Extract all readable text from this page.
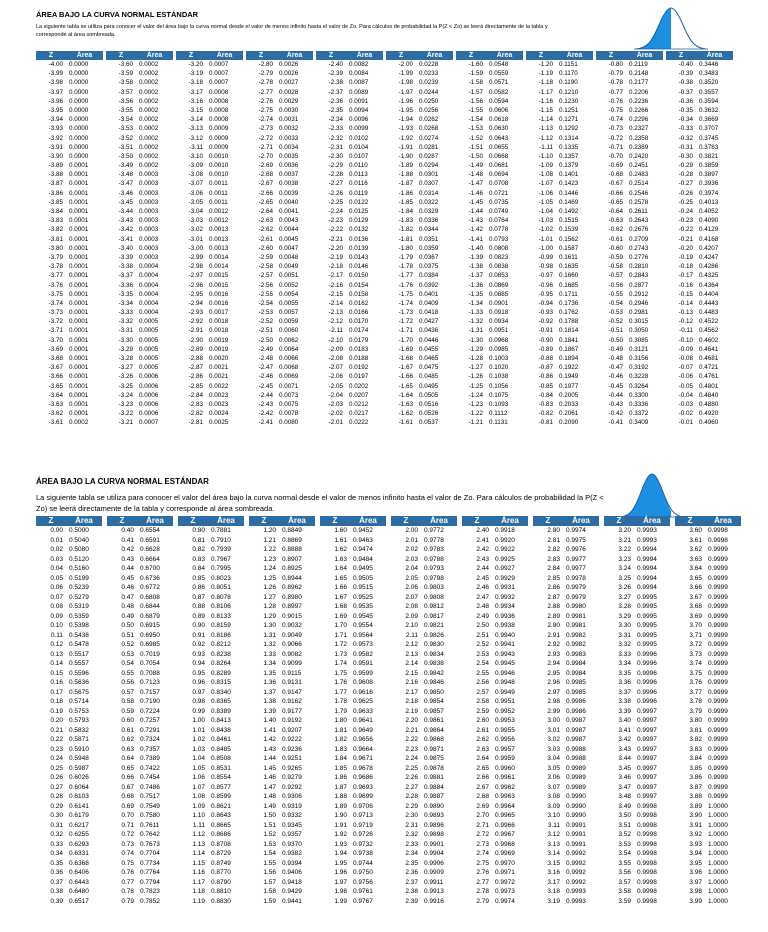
ÁREA BAJO LA CURVA NORMAL ESTÁNDAR
La siguiente tabla se utiliza para conocer el valor del área bajo la curva normal desde el valor de menos infinito hasta el valor de Zo. Para cálculos de probabilidad la P(Z < Zo) se leerá directamente de la tabla y corresponde al área sombreada.
Z	Área
-4.00 0.0000
-3.99 0.0000
-3.98 0.0000
-3.97 0.0000
-3.96 0.0000
-3.95 0.0000
-3.94 0.0000
-3.93 0.0000
-3.92 0.0000
-3.91 0.0000
-3.90 0.0000
-3.89 0.0001
-3.88 0.0001
-3.87 0.0001
-3.86 0.0001
-3.85 0.0001
-3.84 0.0001
-3.83 0.0001
-3.82 0.0001
-3.81 0.0001
-3.80 0.0001
-3.79 0.0001
-3.78 0.0001
-3.77 0.0001
-3.76 0.0001
-3.75 0.0001
-3.74 0.0001
-3.73 0.0001
-3.72 0.0001
-3.71 0.0001
-3.70 0.0001
-3.69 0.0001
-3.68 0.0001
-3.67 0.0001
-3.66 0.0001
-3.65 0.0001
-3.64 0.0001
-3.63 0.0001
-3.62 0.0001
-3.61 0.0002
Z	Área
-3.60 0.0002
-3.59 0.0002
-3.58 0.0002
-3.57 0.0002
-3.56 0.0002
-3.55 0.0002
-3.54 0.0002
-3.53 0.0002
-3.52 0.0002
-3.51 0.0002
-3.50 0.0002
-3.49 0.0002
-3.48 0.0003
-3.47 0.0003
-3.46 0.0003
-3.45 0.0003
-3.44 0.0003
-3.43 0.0003
-3.42 0.0003
-3.41 0.0003
-3.40 0.0003
-3.39 0.0003
-3.38 0.0004
-3.37 0.0004
-3.36 0.0004
-3.35 0.0004
-3.34 0.0004
-3.33 0.0004
-3.32 0.0005
-3.31 0.0005
-3.30 0.0005
-3.29 0.0005
-3.28 0.0005
-3.27 0.0005
-3.26 0.0006
-3.25 0.0006
-3.24 0.0006
-3.23 0.0006
-3.22 0.0006
-3.21 0.0007
Z	Área
-3.20 0.0007
-3.19 0.0007
-3.18 0.0007
-3.17 0.0008
-3.16 0.0008
-3.15 0.0008
-3.14 0.0008
-3.13 0.0009
-3.12 0.0009
-3.11 0.0009
-3.10 0.0010
-3.09 0.0010
-3.08 0.0010
-3.07 0.0011
-3.06 0.0011
-3.05 0.0011
-3.04 0.0012
-3.03 0.0012
-3.02 0.0013
-3.01 0.0013
-3.00 0.0013
-2.99 0.0014
-2.98 0.0014
-2.97 0.0015
-2.96 0.0015
-2.95 0.0016
-2.94 0.0016
-2.93 0.0017
-2.92 0.0018
-2.91 0.0018
-2.90 0.0019
-2.89 0.0019
-2.88 0.0020
-2.87 0.0021
-2.86 0.0021
-2.85 0.0022
-2.84 0.0023
-2.83 0.0023
-2.82 0.0024
-2.81 0.0025
Z	Área
-2.80 0.0026
-2.79 0.0026
-2.78 0.0027
-2.77 0.0028
-2.76 0.0029
-2.75 0.0030
-2.74 0.0031
-2.73 0.0032
-2.72 0.0033
-2.71 0.0034
-2.70 0.0035
-2.69 0.0036
-2.68 0.0037
-2.67 0.0038
-2.66 0.0039
-2.65 0.0040
-2.64 0.0041
-2.63 0.0043
-2.62 0.0044
-2.61 0.0045
-2.60 0.0047
-2.59 0.0048
-2.58 0.0049
-2.57 0.0051
-2.56 0.0052
-2.55 0.0054
-2.54 0.0055
-2.53 0.0057
-2.52 0.0059
-2.51 0.0060
-2.50 0.0062
-2.49 0.0064
-2.48 0.0066
-2.47 0.0068
-2.46 0.0069
-2.45 0.0071
-2.44 0.0073
-2.43 0.0075
-2.42 0.0078
-2.41 0.0080
Z	Área
-2.40 0.0082
-2.39 0.0084
-2.38 0.0087
-2.37 0.0089
-2.36 0.0091
-2.35 0.0094
-2.34 0.0096
-2.33 0.0099
-2.32 0.0102
-2.31 0.0104
-2.30 0.0107
-2.29 0.0110
-2.28 0.0113
-2.27 0.0116
-2.26 0.0119
-2.25 0.0122
-2.24 0.0125
-2.23 0.0129
-2.22 0.0132
-2.21 0.0136
-2.20 0.0139
-2.19 0.0143
-2.18 0.0146
-2.17 0.0150
-2.16 0.0154
-2.15 0.0158
-2.14 0.0162
-2.13 0.0166
-2.12 0.0170
-2.11 0.0174
-2.10 0.0179
-2.09 0.0183
-2.08 0.0188
-2.07 0.0192
-2.06 0.0197
-2.05 0.0202
-2.04 0.0207
-2.03 0.0212
-2.02 0.0217
-2.01 0.0222
Z	Área
-2.00 0.0228
-1.99 0.0233
-1.98 0.0239
-1.97 0.0244
-1.96 0.0250
-1.95 0.0256
-1.94 0.0262
-1.93 0.0268
-1.92 0.0274
-1.91 0.0281
-1.90 0.0287
-1.89 0.0294
-1.88 0.0301
-1.87 0.0307
-1.86 0.0314
-1.85 0.0322
-1.84 0.0329
-1.83 0.0336
-1.82 0.0344
-1.81 0.0351
-1.80 0.0359
-1.79 0.0367
-1.78 0.0375
-1.77 0.0384
-1.76 0.0392
-1.75 0.0401
-1.74 0.0409
-1.73 0.0418
-1.72 0.0427
-1.71 0.0436
-1.70 0.0446
-1.69 0.0455
-1.68 0.0465
-1.67 0.0475
-1.66 0.0485
-1.65 0.0495
-1.64 0.0505
-1.63 0.0516
-1.62 0.0526
-1.61 0.0537
Z	Área
-1.60 0.0548
-1.59 0.0559
-1.58 0.0571
-1.57 0.0582
-1.56 0.0594
-1.55 0.0606
-1.54 0.0618
-1.53 0.0630
-1.52 0.0643
-1.51 0.0655
-1.50 0.0668
-1.49 0.0681
-1.48 0.0694
-1.47 0.0708
-1.46 0.0721
-1.45 0.0735
-1.44 0.0749
-1.43 0.0764
-1.42 0.0778
-1.41 0.0793
-1.40 0.0808
-1.39 0.0823
-1.38 0.0838
-1.37 0.0853
-1.36 0.0869
-1.35 0.0885
-1.34 0.0901
-1.33 0.0918
-1.32 0.0934
-1.31 0.0951
-1.30 0.0968
-1.29 0.0985
-1.28 0.1003
-1.27 0.1020
-1.26 0.1038
-1.25 0.1056
-1.24 0.1075
-1.23 0.1093
-1.22 0.1112
-1.21 0.1131
Z	Área
-1.20 0.1151
-1.19 0.1170
-1.18 0.1190
-1.17 0.1210
-1.16 0.1230
-1.15 0.1251
-1.14 0.1271
-1.13 0.1292
-1.12 0.1314
-1.11 0.1335
-1.10 0.1357
-1.09 0.1379
-1.08 0.1401
-1.07 0.1423
-1.06 0.1446
-1.05 0.1469
-1.04 0.1492
-1.03 0.1515
-1.02 0.1539
-1.01 0.1562
-1.00 0.1587
-0.99 0.1611
-0.98 0.1635
-0.97 0.1660
-0.96 0.1685
-0.95 0.1711
-0.94 0.1736
-0.93 0.1762
-0.92 0.1788
-0.91 0.1814
-0.90 0.1841
-0.89 0.1867
-0.88 0.1894
-0.87 0.1922
-0.86 0.1949
-0.85 0.1977
-0.84 0.2005
-0.83 0.2033
-0.82 0.2061
-0.81 0.2090
Z	Área
-0.80 0.2119
-0.79 0.2148
-0.78 0.2177
-0.77 0.2206
-0.76 0.2236
-0.75 0.2266
-0.74 0.2296
-0.73 0.2327
-0.72 0.2358
-0.71 0.2389
-0.70 0.2420
-0.69 0.2451
-0.68 0.2483
-0.67 0.2514
-0.66 0.2546
-0.65 0.2578
-0.64 0.2611
-0.63 0.2643
-0.62 0.2676
-0.61 0.2709
-0.60 0.2743
-0.59 0.2776
-0.58 0.2810
-0.57 0.2843
-0.56 0.2877
-0.55 0.2912
-0.54 0.2946
-0.53 0.2981
-0.52 0.3015
-0.51 0.3050
-0.50 0.3085
-0.49 0.3121
-0.48 0.3156
-0.47 0.3192
-0.46 0.3228
-0.45 0.3264
-0.44 0.3300
-0.43 0.3336
-0.42 0.3372
-0.41 0.3409
Z	Área
-0.40 0.3446
-0.39 0.3483
-0.38 0.3520
-0.37 0.3557
-0.36 0.3594
-0.35 0.3632
-0.34 0.3669
-0.33 0.3707
-0.32 0.3745
-0.31 0.3783
-0.30 0.3821
-0.29 0.3859
-0.28 0.3897
-0.27 0.3936
-0.26 0.3974
-0.25 0.4013
-0.24 0.4052
-0.23 0.4090
-0.22 0.4129
-0.21 0.4168
-0.20 0.4207
-0.19 0.4247
-0.18 0.4286
-0.17 0.4325
-0.16 0.4364
-0.15 0.4404
-0.14 0.4443
-0.13 0.4483
-0.12 0.4522
-0.11 0.4562
-0.10 0.4602
-0.09 0.4641
-0.08 0.4681
-0.07 0.4721
-0.06 0.4761
-0.05 0.4801
-0.04 0.4840
-0.03 0.4880
-0.02 0.4920
-0.01 0.4960
ÁREA BAJO LA CURVA NORMAL ESTÁNDAR
La siguiente tabla se utiliza para conocer el valor del área bajo la curva normal desde el valor de menos infinito hasta el valor de Zo. Para cálculos de probabilidad la P(Z < Zo) se leerá directamente de la tabla y corresponde al área sombreada.
Z	Área
0.00 0.5000
0.01 0.5040
0.02 0.5080
0.03 0.5120
0.04 0.5160
0.05 0.5199
0.06 0.5239
0.07 0.5279
0.08 0.5319
0.09 0.5359
0.10 0.5398
0.11 0.5438
0.12 0.5478
0.13 0.5517
0.14 0.5557
0.15 0.5596
0.16 0.5636
0.17 0.5675
0.18 0.5714
0.19 0.5753
0.20 0.5793
0.21 0.5832
0.22 0.5871
0.23 0.5910
0.24 0.5948
0.25 0.5987
0.26 0.6026
0.27 0.6064
0.28 0.6103
0.29 0.6141
0.30 0.6179
0.31 0.6217
0.32 0.6255
0.33 0.6293
0.34 0.6331
0.35 0.6368
0.36 0.6406
0.37 0.6443
0.38 0.6480
0.39 0.6517
Z	Área
0.40 0.6554
0.41 0.6591
0.42 0.6628
0.43 0.6664
0.44 0.6700
0.45 0.6736
0.46 0.6772
0.47 0.6808
0.48 0.6844
0.49 0.6879
0.50 0.6915
0.51 0.6950
0.52 0.6985
0.53 0.7019
0.54 0.7054
0.55 0.7088
0.56 0.7123
0.57 0.7157
0.58 0.7190
0.59 0.7224
0.60 0.7257
0.61 0.7291
0.62 0.7324
0.63 0.7357
0.64 0.7389
0.65 0.7422
0.66 0.7454
0.67 0.7486
0.68 0.7517
0.69 0.7549
0.70 0.7580
0.71 0.7611
0.72 0.7642
0.73 0.7673
0.74 0.7704
0.75 0.7734
0.76 0.7764
0.77 0.7794
0.78 0.7823
0.79 0.7852
Z	Área
0.80 0.7881
0.81 0.7910
0.82 0.7939
0.83 0.7967
0.84 0.7995
0.85 0.8023
0.86 0.8051
0.87 0.8078
0.88 0.8106
0.89 0.8133
0.90 0.8159
0.91 0.8186
0.92 0.8212
0.93 0.8238
0.94 0.8264
0.95 0.8289
0.96 0.8315
0.97 0.8340
0.98 0.8365
0.99 0.8389
1.00 0.8413
1.01 0.8438
1.02 0.8461
1.03 0.8485
1.04 0.8508
1.05 0.8531
1.06 0.8554
1.07 0.8577
1.08 0.8599
1.09 0.8621
1.10 0.8643
1.11 0.8665
1.12 0.8686
1.13 0.8708
1.14 0.8729
1.15 0.8749
1.16 0.8770
1.17 0.8790
1.18 0.8810
1.19 0.8830
Z	Área
1.20 0.8849
1.21 0.8869
1.22 0.8888
1.23 0.8907
1.24 0.8925
1.25 0.8944
1.26 0.8962
1.27 0.8980
1.28 0.8997
1.29 0.9015
1.30 0.9032
1.31 0.9049
1.32 0.9066
1.33 0.9082
1.34 0.9099
1.35 0.9115
1.36 0.9131
1.37 0.9147
1.38 0.9162
1.39 0.9177
1.40 0.9192
1.41 0.9207
1.42 0.9222
1.43 0.9236
1.44 0.9251
1.45 0.9265
1.46 0.9279
1.47 0.9292
1.48 0.9306
1.49 0.9319
1.50 0.9332
1.51 0.9345
1.52 0.9357
1.53 0.9370
1.54 0.9382
1.55 0.9394
1.56 0.9406
1.57 0.9418
1.58 0.9429
1.59 0.9441
Z	Área
1.60 0.9452
1.61 0.9463
1.62 0.9474
1.63 0.9484
1.64 0.9495
1.65 0.9505
1.66 0.9515
1.67 0.9525
1.68 0.9535
1.69 0.9545
1.70 0.9554
1.71 0.9564
1.72 0.9573
1.73 0.9582
1.74 0.9591
1.75 0.9599
1.76 0.9608
1.77 0.9616
1.78 0.9625
1.79 0.9633
1.80 0.9641
1.81 0.9649
1.82 0.9656
1.83 0.9664
1.84 0.9671
1.85 0.9678
1.86 0.9686
1.87 0.9693
1.88 0.9699
1.89 0.9706
1.90 0.9713
1.91 0.9719
1.92 0.9726
1.93 0.9732
1.94 0.9738
1.95 0.9744
1.96 0.9750
1.97 0.9756
1.98 0.9761
1.99 0.9767
Z	Área
2.00 0.9772
2.01 0.9778
2.02 0.9783
2.03 0.9788
2.04 0.9793
2.05 0.9798
2.06 0.9803
2.07 0.9808
2.08 0.9812
2.09 0.9817
2.10 0.9821
2.11 0.9826
2.12 0.9830
2.13 0.9834
2.14 0.9838
2.15 0.9842
2.16 0.9846
2.17 0.9850
2.18 0.9854
2.19 0.9857
2.20 0.9861
2.21 0.9864
2.22 0.9868
2.23 0.9871
2.24 0.9875
2.25 0.9878
2.26 0.9881
2.27 0.9884
2.28 0.9887
2.29 0.9890
2.30 0.9893
2.31 0.9896
2.32 0.9898
2.33 0.9901
2.34 0.9904
2.35 0.9906
2.36 0.9909
2.37 0.9911
2.38 0.9913
2.39 0.9916
Z	Área
2.40 0.9918
2.41 0.9920
2.42 0.9922
2.43 0.9925
2.44 0.9927
2.45 0.9929
2.46 0.9931
2.47 0.9932
2.48 0.9934
2.49 0.9936
2.50 0.9938
2.51 0.9940
2.52 0.9941
2.53 0.9943
2.54 0.9945
2.55 0.9946
2.56 0.9948
2.57 0.9949
2.58 0.9951
2.59 0.9952
2.60 0.9953
2.61 0.9955
2.62 0.9956
2.63 0.9957
2.64 0.9959
2.65 0.9960
2.66 0.9961
2.67 0.9962
2.68 0.9963
2.69 0.9964
2.70 0.9965
2.71 0.9966
2.72 0.9967
2.73 0.9968
2.74 0.9969
2.75 0.9970
2.76 0.9971
2.77 0.9972
2.78 0.9973
2.79 0.9974
Z	Área
2.80 0.9974
2.81 0.9975
2.82 0.9976
2.83 0.9977
2.84 0.9977
2.85 0.9978
2.86 0.9979
2.87 0.9979
2.88 0.9980
2.89 0.9981
2.90 0.9981
2.91 0.9982
2.92 0.9982
2.93 0.9983
2.94 0.9984
2.95 0.9984
2.96 0.9985
2.97 0.9985
2.98 0.9986
2.99 0.9986
3.00 0.9987
3.01 0.9987
3.02 0.9987
3.03 0.9988
3.04 0.9988
3.05 0.9989
3.06 0.9989
3.07 0.9989
3.08 0.9990
3.09 0.9990
3.10 0.9990
3.11 0.9991
3.12 0.9991
3.13 0.9991
3.14 0.9992
3.15 0.9992
3.16 0.9992
3.17 0.9992
3.18 0.9993
3.19 0.9993
Z	Área
3.20 0.9993
3.21 0.9993
3.22 0.9994
3.23 0.9994
3.24 0.9994
3.25 0.9994
3.26 0.9994
3.27 0.9995
3.28 0.9995
3.29 0.9995
3.30 0.9995
3.31 0.9995
3.32 0.9995
3.33 0.9996
3.34 0.9996
3.35 0.9996
3.36 0.9996
3.37 0.9996
3.38 0.9996
3.39 0.9997
3.40 0.9997
3.41 0.9997
3.42 0.9997
3.43 0.9997
3.44 0.9997
3.45 0.9997
3.46 0.9997
3.47 0.9997
3.48 0.9997
3.49 0.9998
3.50 0.9998
3.51 0.9998
3.52 0.9998
3.53 0.9998
3.54 0.9998
3.55 0.9998
3.56 0.9998
3.57 0.9998
3.58 0.9998
3.59 0.9998
Z	Área
3.60 0.9998
3.61 0.9998
3.62 0.9999
3.63 0.9999
3.64 0.9999
3.65 0.9999
3.66 0.9999
3.67 0.9999
3.68 0.9999
3.69 0.9999
3.70 0.9999
3.71 0.9999
3.72 0.9999
3.73 0.9999
3.74 0.9999
3.75 0.9999
3.76 0.9999
3.77 0.9999
3.78 0.9999
3.79 0.9999
3.80 0.9999
3.81 0.9999
3.82 0.9999
3.83 0.9999
3.84 0.9999
3.85 0.9999
3.86 0.9999
3.87 0.9999
3.88 0.9999
3.89 1.0000
3.90 1.0000
3.91 1.0000
3.92 1.0000
3.93 1.0000
3.94 1.0000
3.95 1.0000
3.96 1.0000
3.97 1.0000
3.98 1.0000
3.99 1.0000
